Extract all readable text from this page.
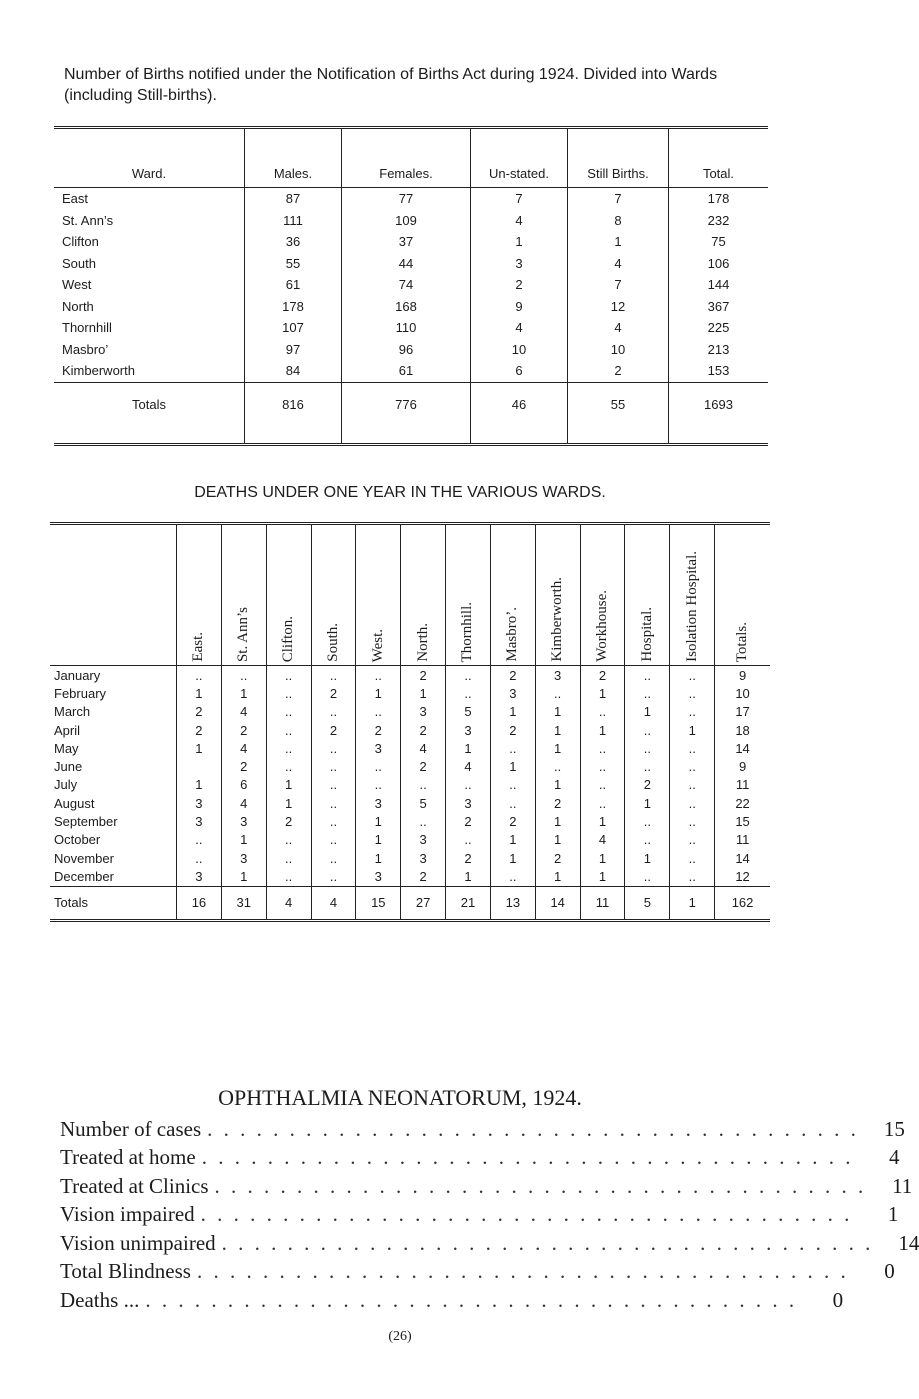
Number of Births notified under the Notification of Births Act during 1924. Divided into Wards (including Still-births).
Ward.	Males.	Females.	Un-stated.	Still Births.	Total.
East	87	77	7	7	178
St. Ann’s	111	109	4	8	232
Clifton	36	37	1	1	75
South	55	44	3	4	106
West	61	74	2	7	144
North	178	168	9	12	367
Thornhill	107	110	4	4	225
Masbro’	97	96	10	10	213
Kimberworth	84	61	6	2	153
Totals	816	776	46	55	1693
DEATHS UNDER ONE YEAR IN THE VARIOUS WARDS.
	East.	St. Ann’s	Clifton.	South.	West.	North.	Thornhill.	Masbro’.	Kimberworth.	Workhouse.	Hospital.	Isolation Hospital.	Totals.
January	..	..	..	..	..	2	..	2	3	2	..	..	9
February	1	1	..	2	1	1	..	3	..	1	..	..	10
March	2	4	..	..	..	3	5	1	1	..	1	..	17
April	2	2	..	2	2	2	3	2	1	1	..	1	18
May	1	4	..	..	3	4	1	..	1	..	..	..	14
June		2	..	..	..	2	4	1	..	..	..	..	9
July	1	6	1	..	..	..	..	..	1	..	2	..	11
August	3	4	1	..	3	5	3	..	2	..	1	..	22
September	3	3	2	..	1	..	2	2	1	1	..	..	15
October	..	1	..	..	1	3	..	1	1	4	..	..	11
November	..	3	..	..	1	3	2	1	2	1	1	..	14
December	3	1	..	..	3	2	1	..	1	1	..	..	12
Totals	16	31	4	4	15	27	21	13	14	11	5	1	162
OPHTHALMIA NEONATORUM, 1924.
Number of cases . . . . . . . . . . . . . . . . . . . . . . . . . . . . . . . . . . . . . . . .	15
Treated at home . . . . . . . . . . . . . . . . . . . . . . . . . . . . . . . . . . . . . . . .	4
Treated at Clinics . . . . . . . . . . . . . . . . . . . . . . . . . . . . . . . . . . . . . . . .	11
Vision impaired . . . . . . . . . . . . . . . . . . . . . . . . . . . . . . . . . . . . . . . .	1
Vision unimpaired . . . . . . . . . . . . . . . . . . . . . . . . . . . . . . . . . . . . . . . .	14
Total Blindness . . . . . . . . . . . . . . . . . . . . . . . . . . . . . . . . . . . . . . . .	0
Deaths ... . . . . . . . . . . . . . . . . . . . . . . . . . . . . . . . . . . . . . . . .	0
(26)
